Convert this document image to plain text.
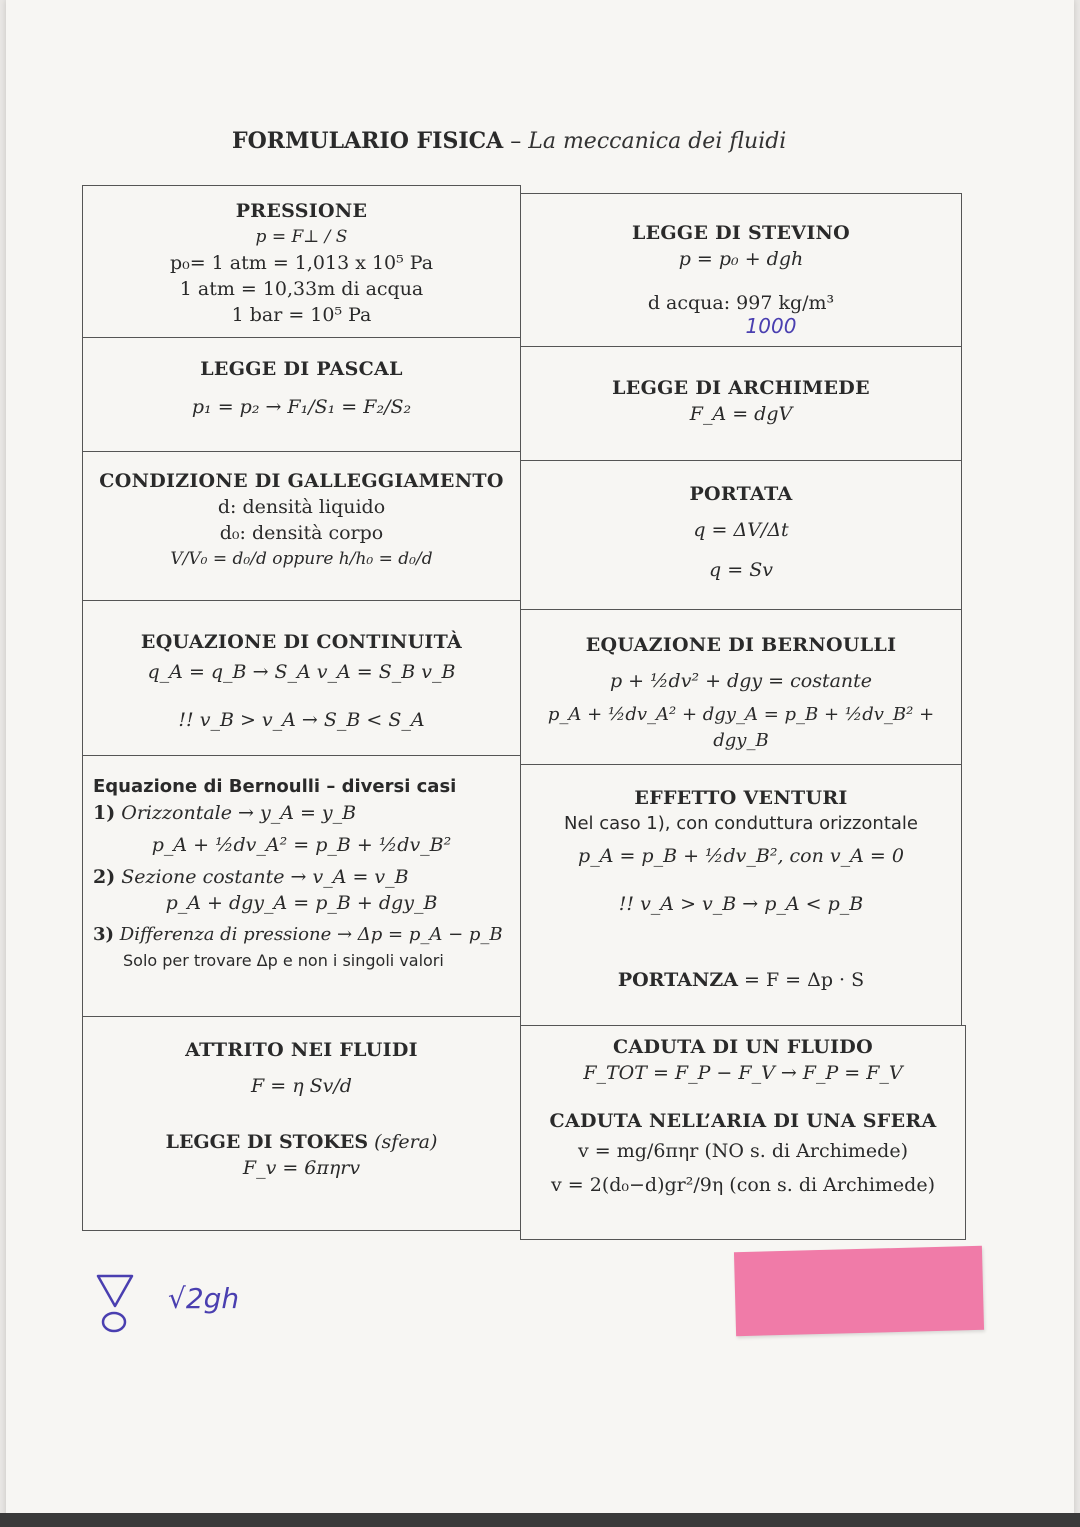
FORMULARIO FISICA – La meccanica dei fluidi
PRESSIONE
p = F⊥ / S
p₀= 1 atm = 1,013 x 10⁵ Pa
1 atm = 10,33m di acqua
1 bar = 10⁵ Pa
LEGGE DI STEVINO
p = p₀ + dgh
d acqua: 997 kg/m³
1000
LEGGE DI PASCAL
p₁ = p₂ → F₁/S₁ = F₂/S₂
LEGGE DI ARCHIMEDE
F_A = dgV
CONDIZIONE DI GALLEGGIAMENTO
d: densità liquido
d₀: densità corpo
V/V₀ = d₀/d oppure h/h₀ = d₀/d
PORTATA
q = ΔV/Δt
q = Sv
EQUAZIONE DI CONTINUITÀ
q_A = q_B → S_A v_A = S_B v_B
!! v_B > v_A → S_B < S_A
EQUAZIONE DI BERNOULLI
p + ½dv² + dgy = costante
p_A + ½dv_A² + dgy_A = p_B + ½dv_B² + dgy_B
Equazione di Bernoulli – diversi casi
1) Orizzontale → y_A = y_B
p_A + ½dv_A² = p_B + ½dv_B²
2) Sezione costante → v_A = v_B
p_A + dgy_A = p_B + dgy_B
3) Differenza di pressione → Δp = p_A − p_B
Solo per trovare Δp e non i singoli valori
EFFETTO VENTURI
Nel caso 1), con conduttura orizzontale
p_A = p_B + ½dv_B², con v_A = 0
!! v_A > v_B → p_A < p_B
PORTANZA = F = Δp · S
ATTRITO NEI FLUIDI
F = η Sv/d
LEGGE DI STOKES (sfera)
F_v = 6πηrv
CADUTA DI UN FLUIDO
F_TOT = F_P − F_V → F_P = F_V
CADUTA NELL’ARIA DI UNA SFERA
v = mg/6πηr (NO s. di Archimede)
v = 2(d₀−d)gr²/9η (con s. di Archimede)
√2gh
